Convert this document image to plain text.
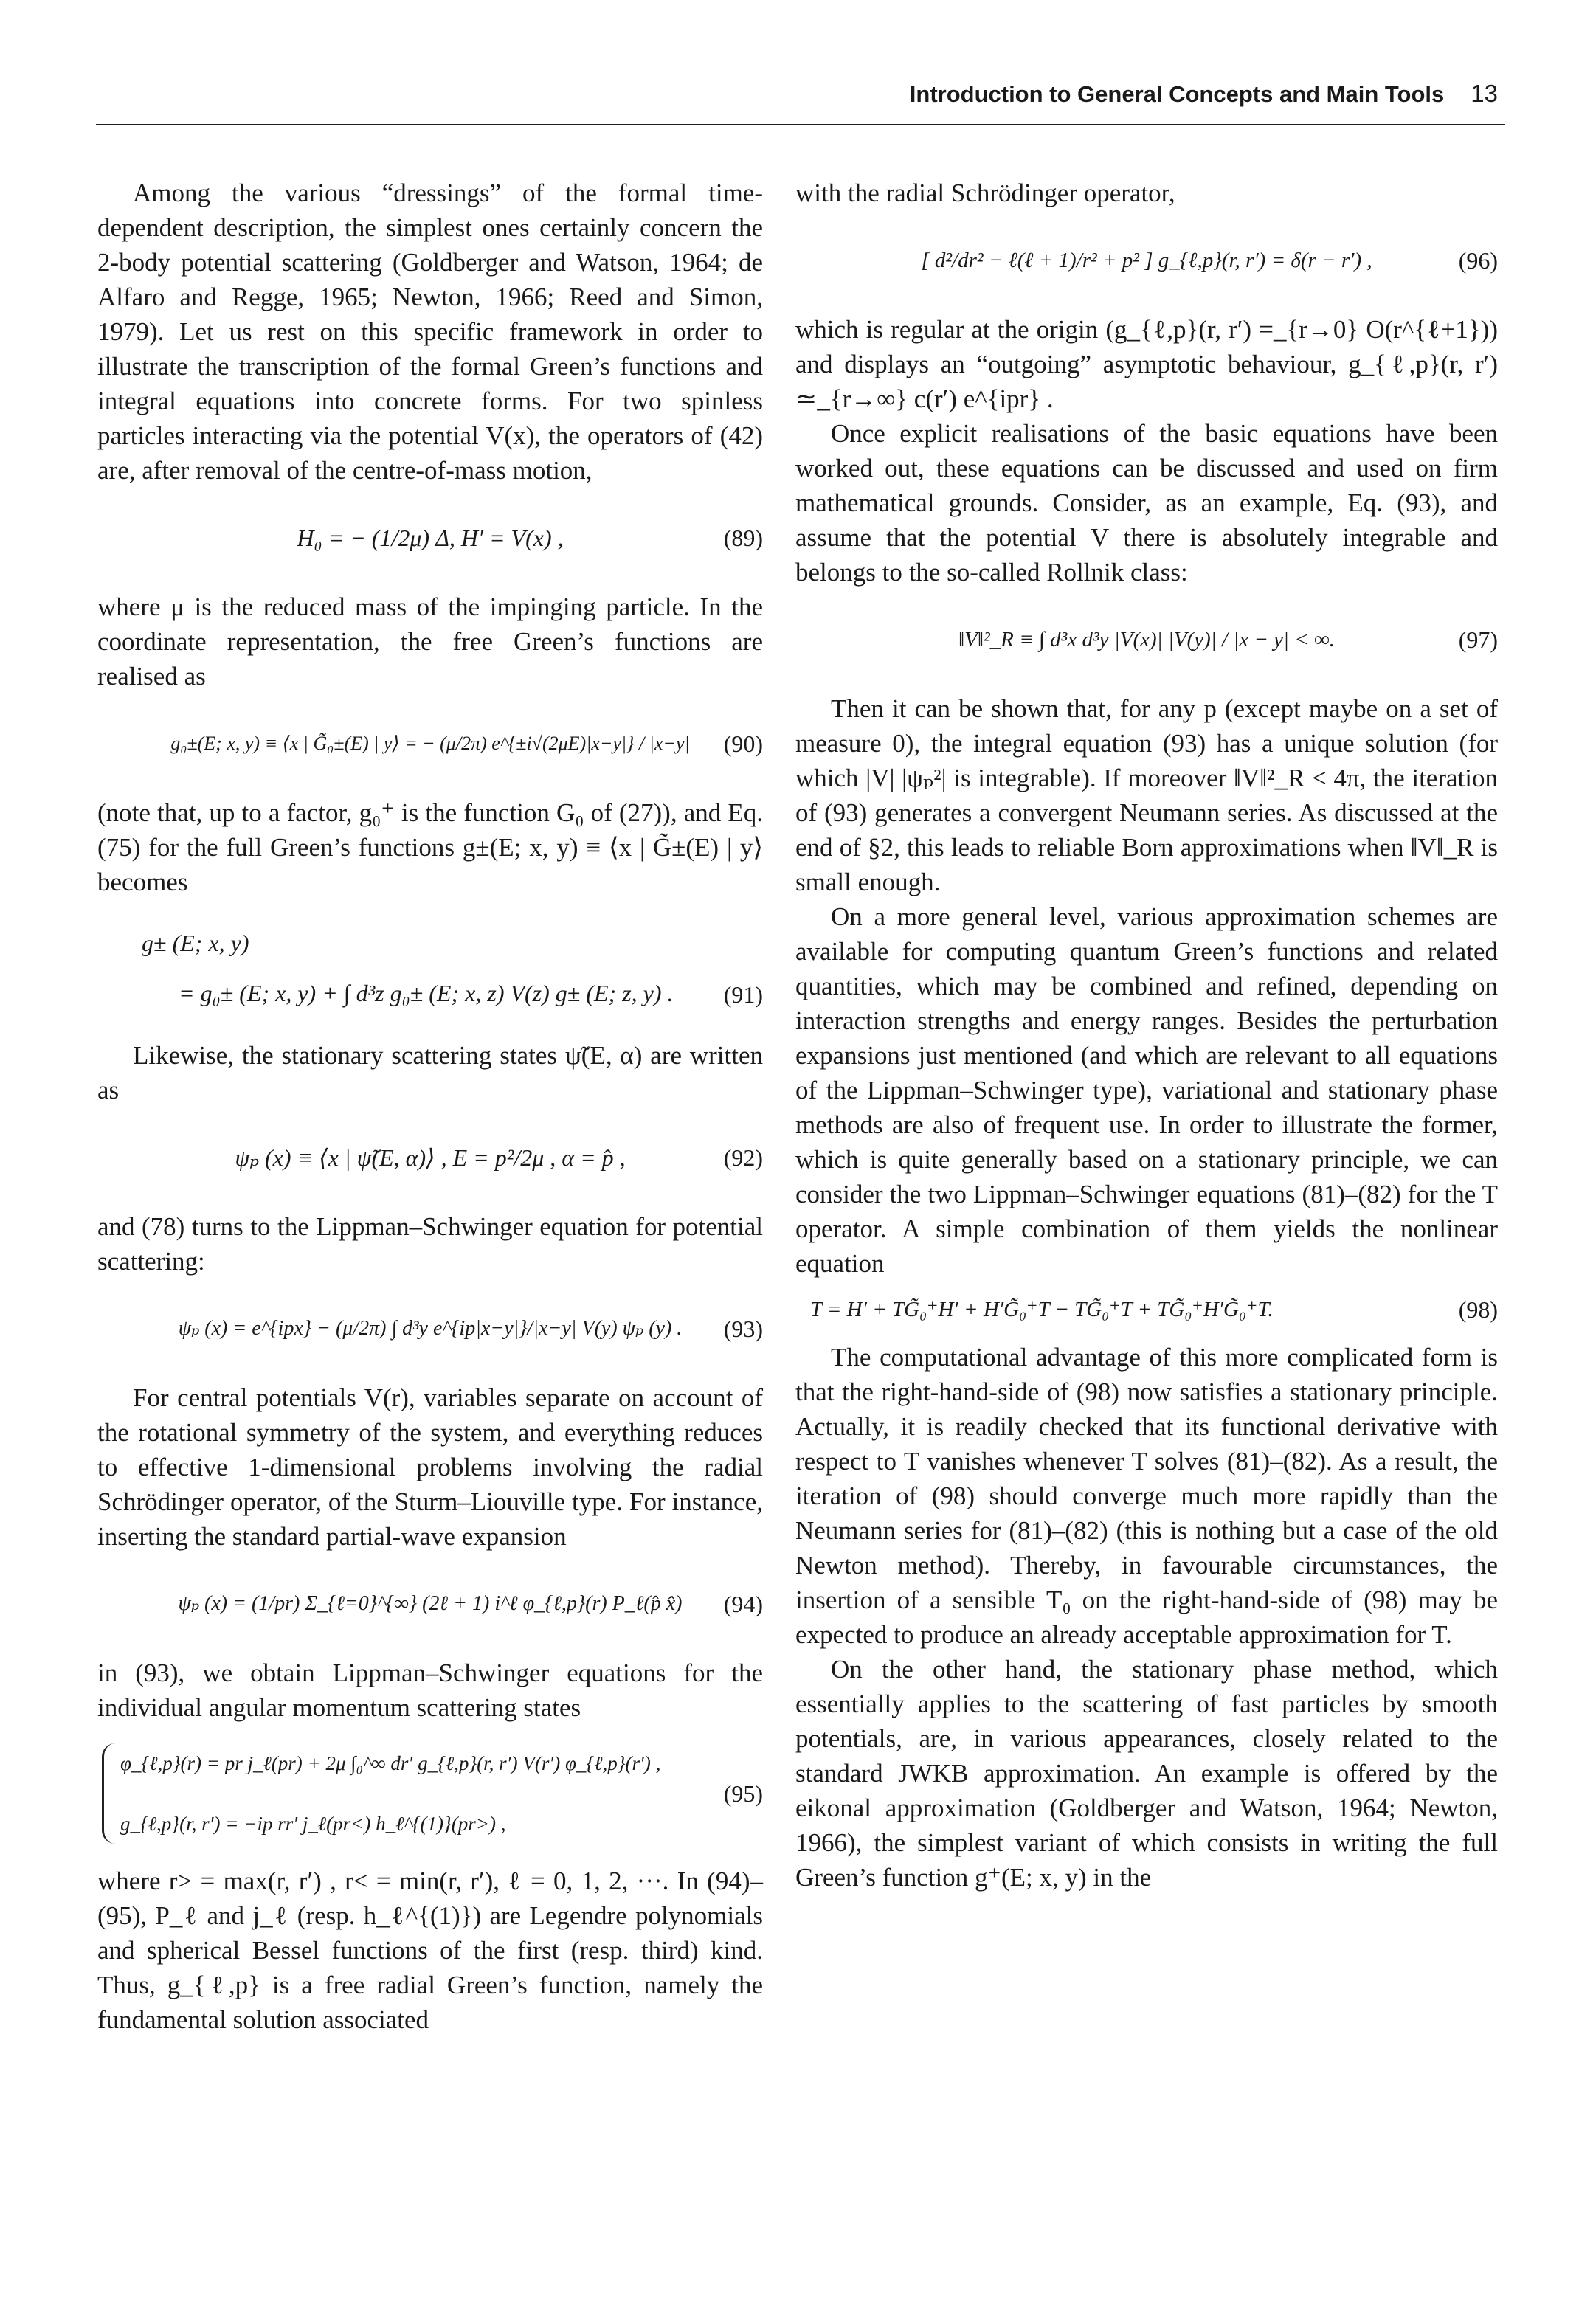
Introduction to General Concepts and Main Tools 13

Among the various “dressings” of the formal time-dependent description, the simplest ones certainly concern the 2-body potential scattering (Goldberger and Watson, 1964; de Alfaro and Regge, 1965; Newton, 1966; Reed and Simon, 1979). Let us rest on this specific framework in order to illustrate the transcription of the formal Green’s functions and integral equations into concrete forms. For two spinless particles interacting via the potential V(x), the operators of (42) are, after removal of the centre-of-mass motion,

H₀ = − (1/2μ) Δ, H′ = V(x) ,	(89)

where μ is the reduced mass of the impinging particle. In the coordinate representation, the free Green’s functions are realised as

g₀±(E; x, y) ≡ ⟨x | G̃₀±(E) | y⟩ = − (μ/2π) e^{±i√(2μE)|x−y|} / |x−y| (90)

(note that, up to a factor, g₀⁺ is the function G₀ of (27)), and Eq. (75) for the full Green’s functions g±(E; x, y) ≡ ⟨x | G̃±(E) | y⟩ becomes

g± (E; x, y)
= g₀± (E; x, y) + ∫ d³z g₀± (E; x, z) V(z) g± (E; z, y) . (91)

Likewise, the stationary scattering states ψ̃(E, α) are written as

ψₚ (x) ≡ ⟨x | ψ̃(E, α)⟩ , E = p²/2μ , α = p̂ ,	(92)

and (78) turns to the Lippman–Schwinger equation for potential scattering:

ψₚ (x) = e^{ipx} − (μ/2π) ∫ d³y e^{ip|x−y|}/|x−y| V(y) ψₚ (y) . (93)

For central potentials V(r), variables separate on account of the rotational symmetry of the system, and everything reduces to effective 1-dimensional problems involving the radial Schrödinger operator, of the Sturm–Liouville type. For instance, inserting the standard partial-wave expansion

ψₚ (x) = (1/pr) Σ_{ℓ=0}^{∞} (2ℓ + 1) i^ℓ φ_{ℓ,p}(r) P_ℓ(p̂ x̂) (94)

in (93), we obtain Lippman–Schwinger equations for the individual angular momentum scattering states

φ_{ℓ,p}(r) = pr j_ℓ(pr) + 2μ ∫₀^∞ dr′ g_{ℓ,p}(r, r′) V(r′) φ_{ℓ,p}(r′) ,
g_{ℓ,p}(r, r′) = −ip rr′ j_ℓ(pr<) h_ℓ^{(1)}(pr>) ,
(95)

where r> = max(r, r′) , r< = min(r, r′), ℓ = 0, 1, 2, ···. In (94)–(95), P_ℓ and j_ℓ (resp. h_ℓ^{(1)}) are Legendre polynomials and spherical Bessel functions of the first (resp. third) kind. Thus, g_{ℓ,p} is a free radial Green’s function, namely the fundamental solution associated

with the radial Schrödinger operator,

[ d²/dr² − ℓ(ℓ + 1)/r² + p² ] g_{ℓ,p}(r, r′) = δ(r − r′) ,	(96)

which is regular at the origin (g_{ℓ,p}(r, r′) =_{r→0} O(r^{ℓ+1})) and displays an “outgoing” asymptotic behaviour, g_{ℓ,p}(r, r′) ≃_{r→∞} c(r′) e^{ipr} .

Once explicit realisations of the basic equations have been worked out, these equations can be discussed and used on firm mathematical grounds. Consider, as an example, Eq. (93), and assume that the potential V there is absolutely integrable and belongs to the so-called Rollnik class:

‖V‖²_R ≡ ∫ d³x d³y |V(x)| |V(y)| / |x − y| < ∞.	(97)

Then it can be shown that, for any p (except maybe on a set of measure 0), the integral equation (93) has a unique solution (for which |V| |ψₚ²| is integrable). If moreover ‖V‖²_R < 4π, the iteration of (93) generates a convergent Neumann series. As discussed at the end of §2, this leads to reliable Born approximations when ‖V‖_R is small enough.

On a more general level, various approximation schemes are available for computing quantum Green’s functions and related quantities, which may be combined and refined, depending on interaction strengths and energy ranges. Besides the perturbation expansions just mentioned (and which are relevant to all equations of the Lippman–Schwinger type), variational and stationary phase methods are also of frequent use. In order to illustrate the former, which is quite generally based on a stationary principle, we can consider the two Lippman–Schwinger equations (81)–(82) for the T operator. A simple combination of them yields the nonlinear equation

T = H′ + TG̃₀⁺H′ + H′G̃₀⁺T − TG̃₀⁺T + TG̃₀⁺H′G̃₀⁺T.	(98)

The computational advantage of this more complicated form is that the right-hand-side of (98) now satisfies a stationary principle. Actually, it is readily checked that its functional derivative with respect to T vanishes whenever T solves (81)–(82). As a result, the iteration of (98) should converge much more rapidly than the Neumann series for (81)–(82) (this is nothing but a case of the old Newton method). Thereby, in favourable circumstances, the insertion of a sensible T₀ on the right-hand-side of (98) may be expected to produce an already acceptable approximation for T.

On the other hand, the stationary phase method, which essentially applies to the scattering of fast particles by smooth potentials, are, in various appearances, closely related to the standard JWKB approximation. An example is offered by the eikonal approximation (Goldberger and Watson, 1964; Newton, 1966), the simplest variant of which consists in writing the full Green’s function g⁺(E; x, y) in the
